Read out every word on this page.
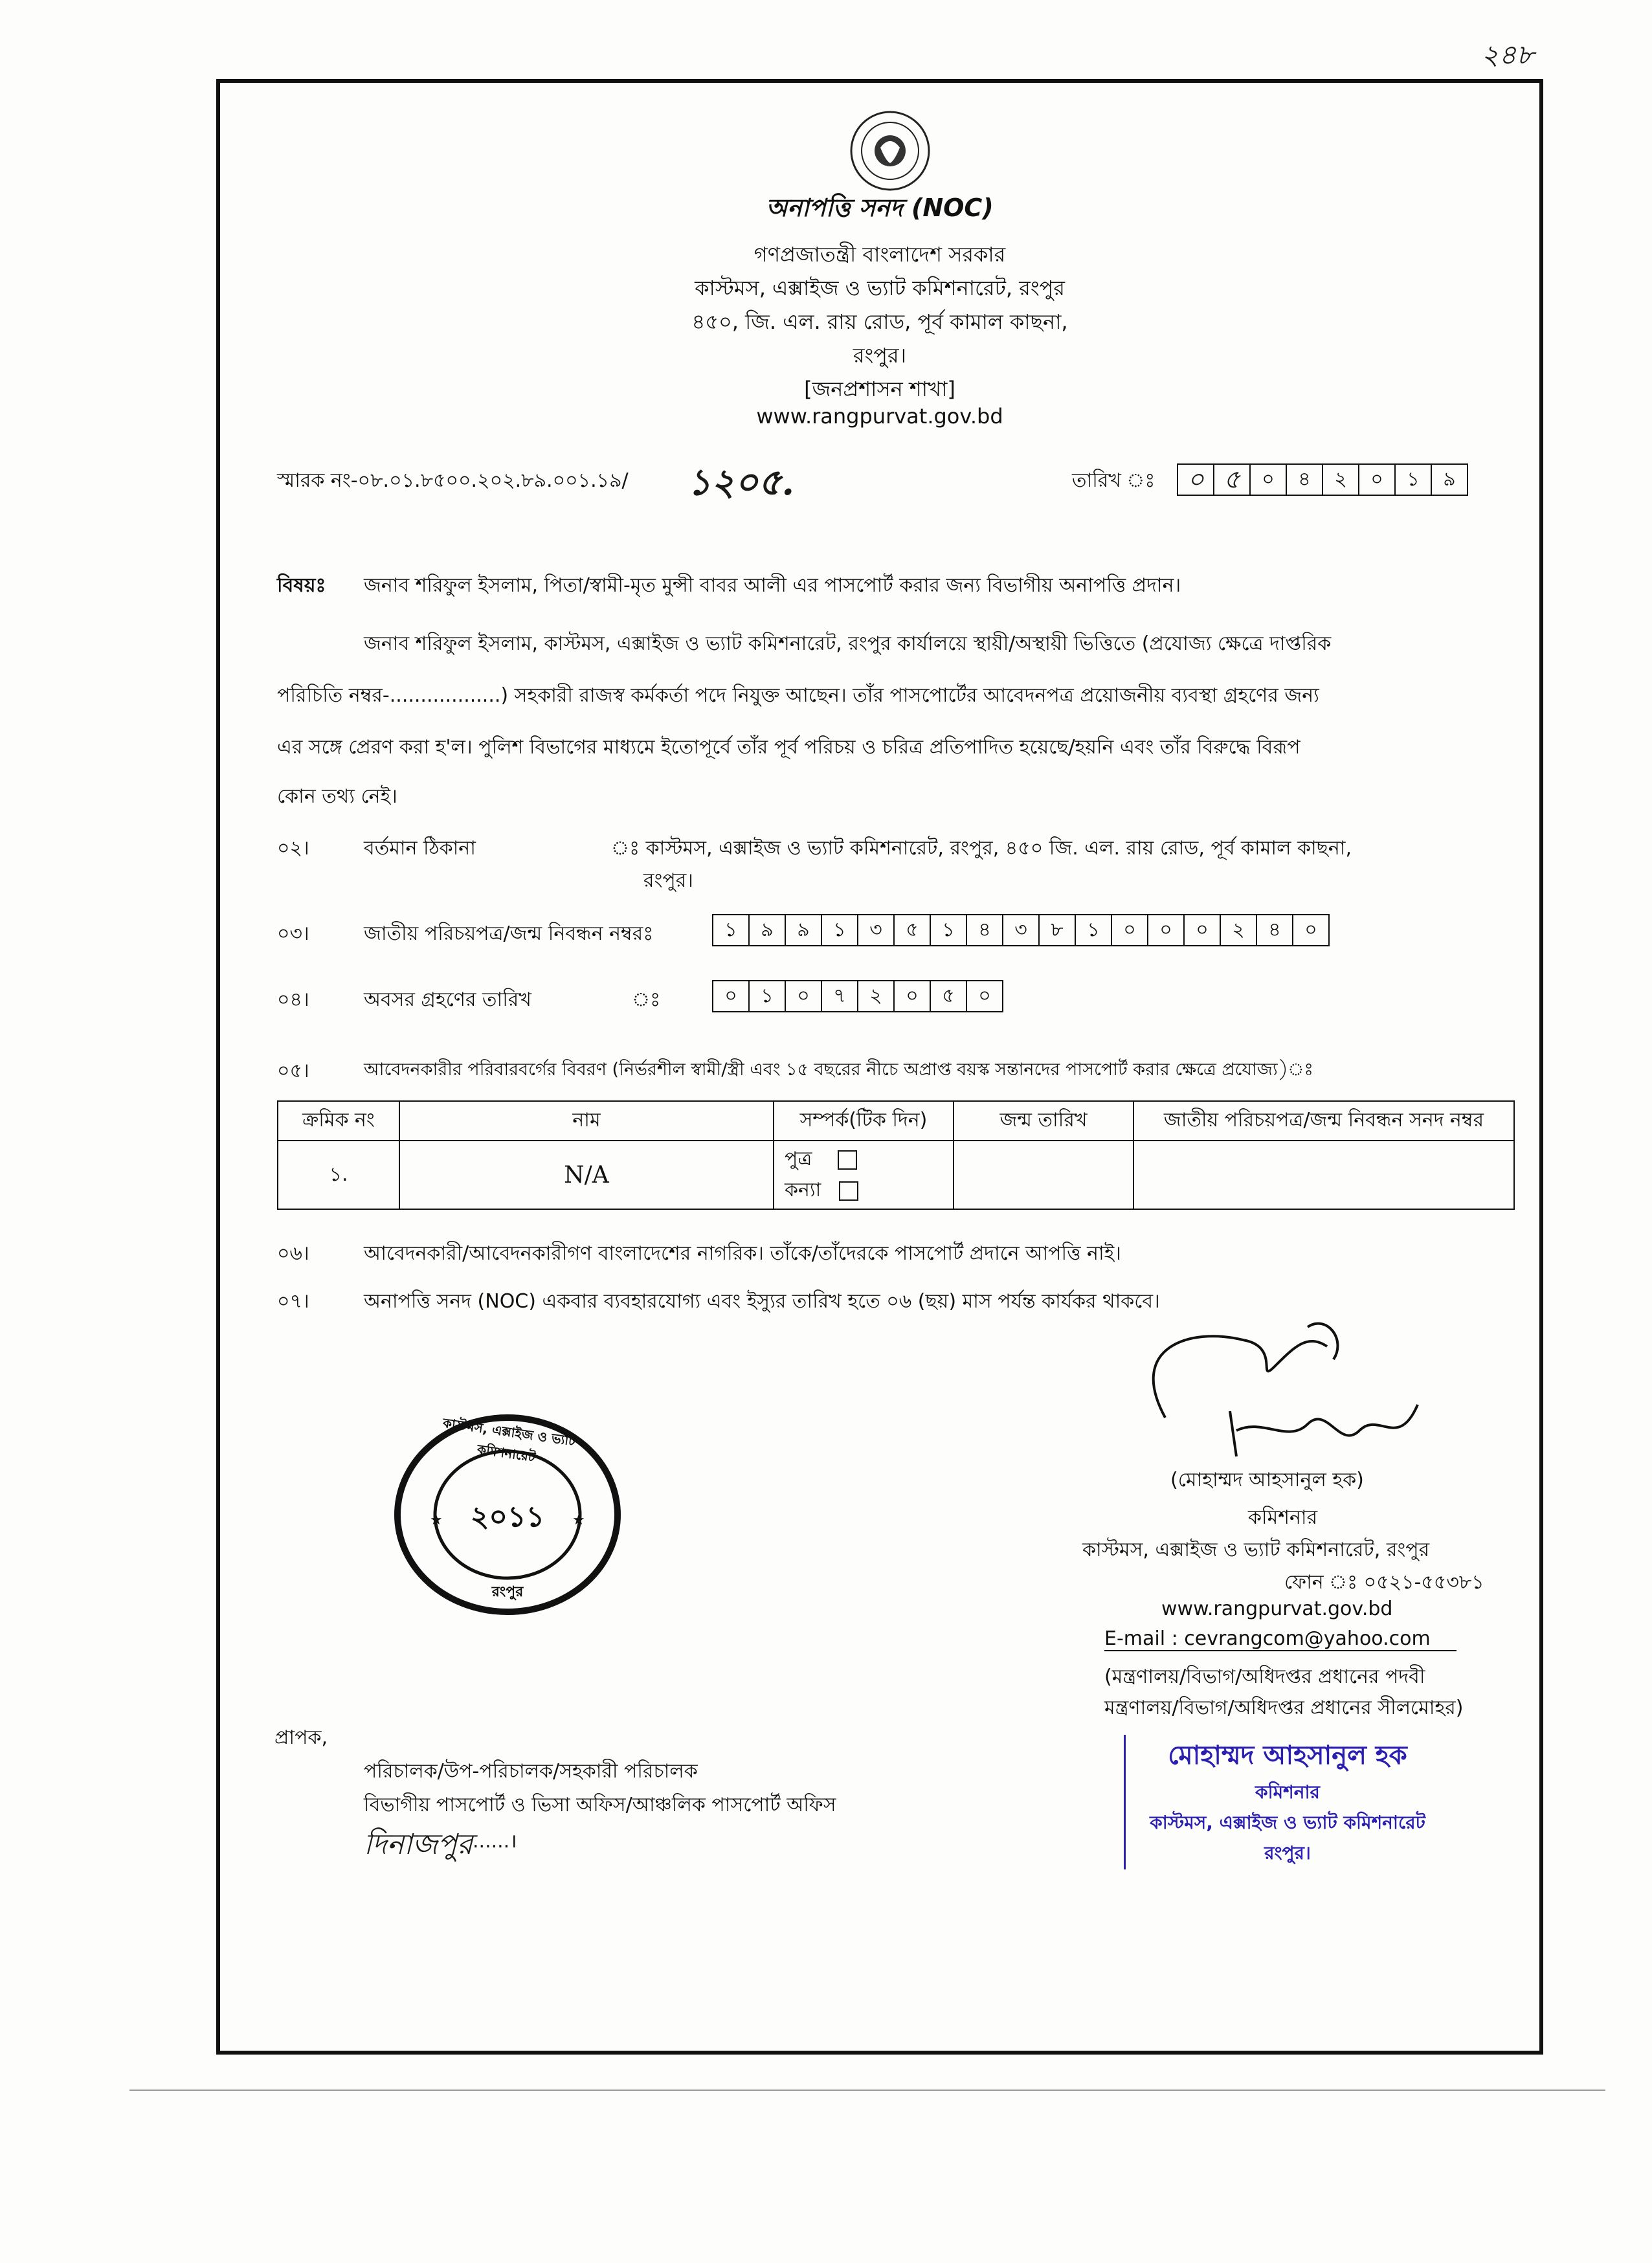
২৪৮
অনাপত্তি সনদ (NOC)
গণপ্রজাতন্ত্রী বাংলাদেশ সরকার
কাস্টমস, এক্সাইজ ও ভ্যাট কমিশনারেট, রংপুর
৪৫০, জি. এল. রায় রোড, পূর্ব কামাল কাছনা,
রংপুর।
[জনপ্রশাসন শাখা]
www.rangpurvat.gov.bd
স্মারক নং-০৮.০১.৮৫০০.২০২.৮৯.০০১.১৯/ ১২০৫.	তারিখ ঃ	০ ৫	০	৪	২	০	১	৯
বিষয়ঃ জনাব শরিফুল ইসলাম, পিতা/স্বামী-মৃত মুন্সী বাবর আলী এর পাসপোর্ট করার জন্য বিভাগীয় অনাপত্তি প্রদান।
জনাব শরিফুল ইসলাম, কাস্টমস, এক্সাইজ ও ভ্যাট কমিশনারেট, রংপুর কার্যালয়ে স্থায়ী/অস্থায়ী ভিত্তিতে (প্রযোজ্য ক্ষেত্রে দাপ্তরিক
পরিচিতি নম্বর-..................) সহকারী রাজস্ব কর্মকর্তা পদে নিযুক্ত আছেন। তাঁর পাসপোর্টের আবেদনপত্র প্রয়োজনীয় ব্যবস্থা গ্রহণের জন্য
এর সঙ্গে প্রেরণ করা হ'ল। পুলিশ বিভাগের মাধ্যমে ইতোপূর্বে তাঁর পূর্ব পরিচয় ও চরিত্র প্রতিপাদিত হয়েছে/হয়নি এবং তাঁর বিরুদ্ধে বিরূপ
কোন তথ্য নেই।
০২।	বর্তমান ঠিকানা	ঃ কাস্টমস, এক্সাইজ ও ভ্যাট কমিশনারেট, রংপুর, ৪৫০ জি. এল. রায় রোড, পূর্ব কামাল কাছনা,
রংপুর।
০৩।	জাতীয় পরিচয়পত্র/জন্ম নিবন্ধন নম্বরঃ	১	৯	৯	১	৩	৫	১	৪	৩	৮	১	০	০	০	২	৪	০
০৪।	অবসর গ্রহণের তারিখ	ঃ	০	১	০	৭	২	০	৫	০
০৫।	আবেদনকারীর পরিবারবর্গের বিবরণ (নির্ভরশীল স্বামী/স্ত্রী এবং ১৫ বছরের নীচে অপ্রাপ্ত বয়স্ক সন্তানদের পাসপোর্ট করার ক্ষেত্রে প্রযোজ্য)ঃ
ক্রমিক নং	নাম	সম্পর্ক(টিক দিন)	জন্ম তারিখ	জাতীয় পরিচয়পত্র/জন্ম নিবন্ধন সনদ নম্বর
১.	N/A	পুত্র
কন্যা		

০৬।	আবেদনকারী/আবেদনকারীগণ বাংলাদেশের নাগরিক। তাঁকে/তাঁদেরকে পাসপোর্ট প্রদানে আপত্তি নাই।
০৭।	অনাপত্তি সনদ (NOC) একবার ব্যবহারযোগ্য এবং ইস্যুর তারিখ হতে ০৬ (ছয়) মাস পর্যন্ত কার্যকর থাকবে।
★	★
কাস্টমস, এক্সাইজ ও ভ্যাট কমিশনারেট
২০১১
রংপুর
(মোহাম্মদ আহসানুল হক)
কমিশনার
কাস্টমস, এক্সাইজ ও ভ্যাট কমিশনারেট, রংপুর
ফোন ঃ ০৫২১-৫৫৩৮১
www.rangpurvat.gov.bd
E-mail : cevrangcom@yahoo.com
(মন্ত্রণালয়/বিভাগ/অধিদপ্তর প্রধানের পদবী
মন্ত্রণালয়/বিভাগ/অধিদপ্তর প্রধানের সীলমোহর)
মোহাম্মদ আহসানুল হক
কমিশনার
কাস্টমস, এক্সাইজ ও ভ্যাট কমিশনারেট
রংপুর।
প্রাপক,
পরিচালক/উপ-পরিচালক/সহকারী পরিচালক
বিভাগীয় পাসপোর্ট ও ভিসা অফিস/আঞ্চলিক পাসপোর্ট অফিস
দিনাজপুর ......।
